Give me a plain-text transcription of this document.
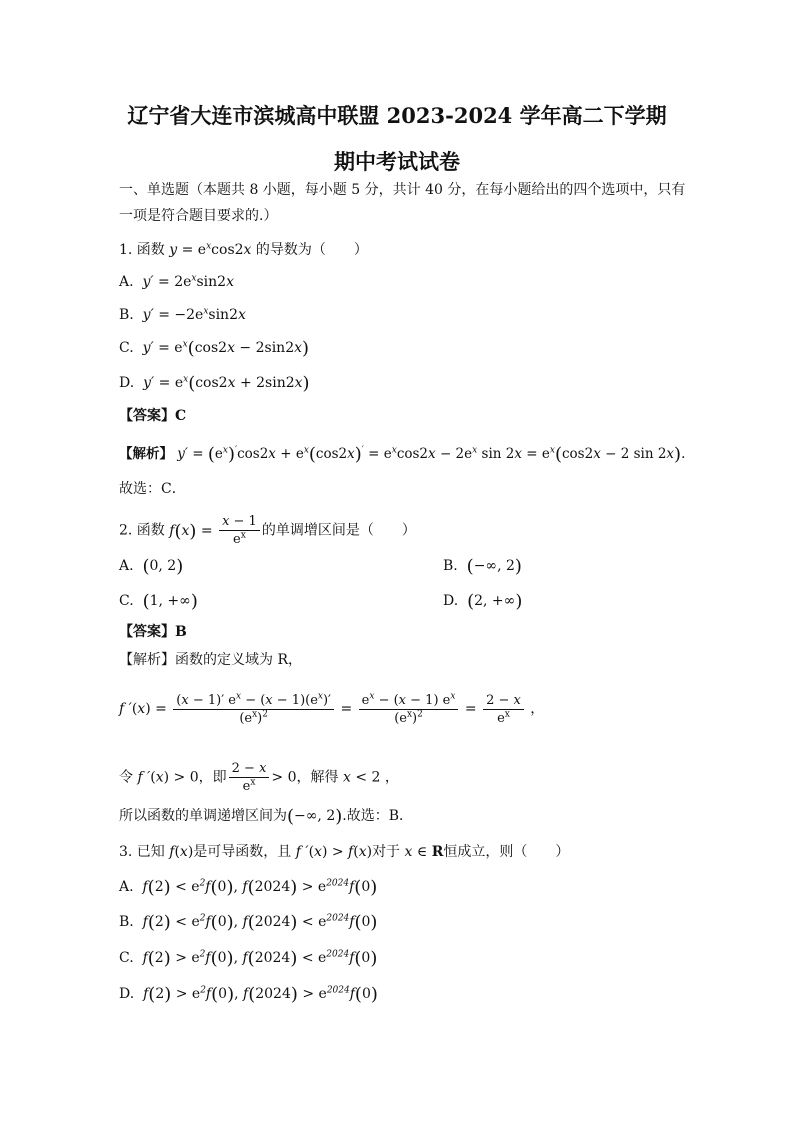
辽宁省大连市滨城高中联盟 2023-2024 学年高二下学期
期中考试试卷
一、单选题（本题共 8 小题，每小题 5 分，共计 40 分，在每小题给出的四个选项中，只有
一项是符合题目要求的.）
1. 函数 $y = e^x\cos 2x$ 的导数为（　　）
A. $y' = 2e^x\sin 2x$
B. $y' = -2e^x\sin 2x$
C. $y' = e^x(\cos 2x - 2\sin 2x)$
D. $y' = e^x(\cos 2x + 2\sin 2x)$
【答案】C
【解析】 $y' = (e^x)'\cos 2x + e^x(\cos 2x)' = e^x\cos 2x - 2e^x$ $\sin 2x = e^x(\cos 2x - 2$ sin 2x).
故选：C．
2. 函数 $f(x) = \frac{x - 1}{e^x}$ 的单调增区间是（　　）
A. (0, 2)	B. (−∞, 2)
C. (1, +∞)	D. (2, +∞)
【答案】B
【解析】函数的定义域为 R，
f $'(x) = \frac{(x - 1)' e^x - (x - 1)(e^x)'}{(e^x)^2} = \frac{e^x - (x - 1) e^x}{(e^x)^2} = \frac{2 - x}{e^x}$ ，
令 f ′(x) > 0，即 $\frac{2 - x}{e^x} > 0$，解得 x < 2 ，
所以函数的单调递增区间为(−∞, 2).故选：B．
3. 已知 f(x)是可导函数，且 f ′(x) > f(x)对于 x ∈ R恒成立，则（　　）
A. $f(2) < e^2f(0)$, $f(2024) > e^{2024}f(0)$
B. $f(2) < e^2f(0)$, $f(2024) < e^{2024}f(0)$
C. $f(2) > e^2f(0)$, $f(2024) < e^{2024}f(0)$
D. $f(2) > e^2f(0)$, $f(2024) > e^{2024}f(0)$
